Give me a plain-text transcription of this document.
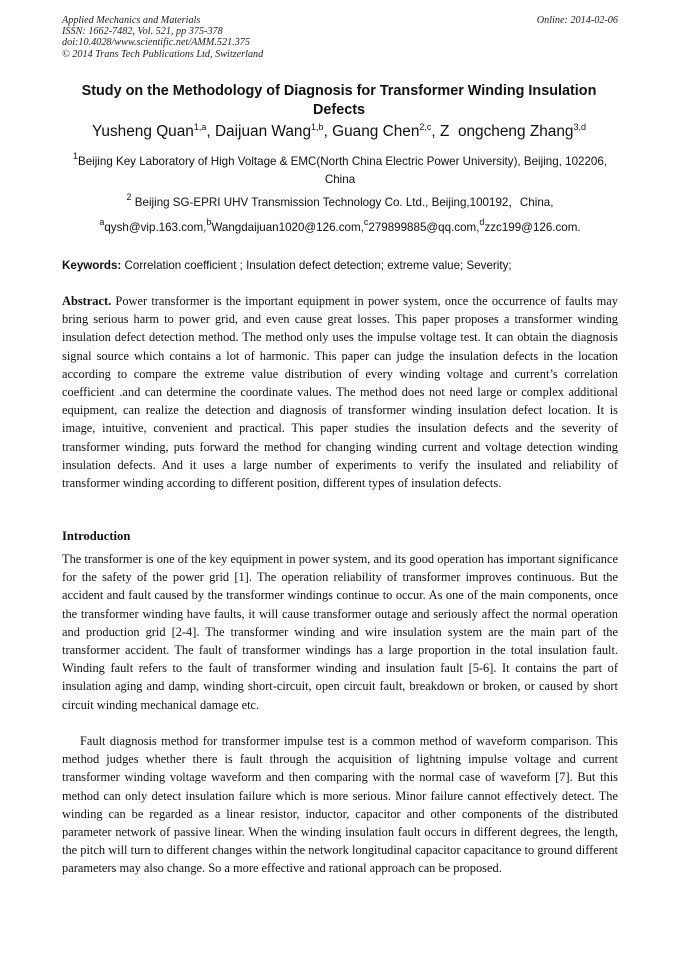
Applied Mechanics and Materials
ISSN: 1662-7482, Vol. 521, pp 375-378
doi:10.4028/www.scientific.net/AMM.521.375
© 2014 Trans Tech Publications Ltd, Switzerland
Online: 2014-02-06
Study on the Methodology of Diagnosis for Transformer Winding Insulation Defects
Yusheng Quan$^{1,a}$, Daijuan Wang$^{1,b}$, Guang Chen$^{2,c}$, Z  ongcheng Zhang$^{3,d}$
$^1$Beijing Key Laboratory of High Voltage & EMC(North China Electric Power University), Beijing, 102206, China
$^2$ Beijing SG-EPRI UHV Transmission Technology Co. Ltd., Beijing,100192，China,
$^a$qysh@vip.163.com,$^b$Wangdaijuan1020@126.com,$^c$279899885@qq.com,$^d$zzc199@126.com.
Keywords: Correlation coefficient ; Insulation defect detection; extreme value; Severity;
Abstract. Power transformer is the important equipment in power system, once the occurrence of faults may bring serious harm to power grid, and even cause great losses. This paper proposes a transformer winding insulation defect detection method. The method only uses the impulse voltage test. It can obtain the diagnosis signal source which contains a lot of harmonic. This paper can judge the insulation defects in the location according to compare the extreme value distribution of every winding voltage and current’s correlation coefficient .and can determine the coordinate values. The method does not need large or complex additional equipment, can realize the detection and diagnosis of transformer winding insulation defect location. It is image, intuitive, convenient and practical. This paper studies the insulation defects and the severity of transformer winding, puts forward the method for changing winding current and voltage detection winding insulation defects. And it uses a large number of experiments to verify the insulated and reliability of transformer winding according to different position, different types of insulation defects.
Introduction
The transformer is one of the key equipment in power system, and its good operation has important significance for the safety of the power grid [1]. The operation reliability of transformer improves continuous. But the accident and fault caused by the transformer windings continue to occur. As one of the main components, once the transformer winding have faults, it will cause transformer outage and seriously affect the normal operation and production grid [2-4]. The transformer winding and wire insulation system are the main part of the transformer accident. The fault of transformer windings has a large proportion in the total insulation fault. Winding fault refers to the fault of transformer winding and insulation fault [5-6]. It contains the part of insulation aging and damp, winding short-circuit, open circuit fault, breakdown or broken, or caused by short circuit winding mechanical damage etc.
Fault diagnosis method for transformer impulse test is a common method of waveform comparison. This method judges whether there is fault through the acquisition of lightning impulse voltage and current transformer winding voltage waveform and then comparing with the normal case of waveform [7]. But this method can only detect insulation failure which is more serious. Minor failure cannot effectively detect. The winding can be regarded as a linear resistor, inductor, capacitor and other components of the distributed parameter network of passive linear. When the winding insulation fault occurs in different degrees, the length, the pitch will turn to different changes within the network longitudinal capacitor capacitance to ground different parameters may also change. So a more effective and rational approach can be proposed.
